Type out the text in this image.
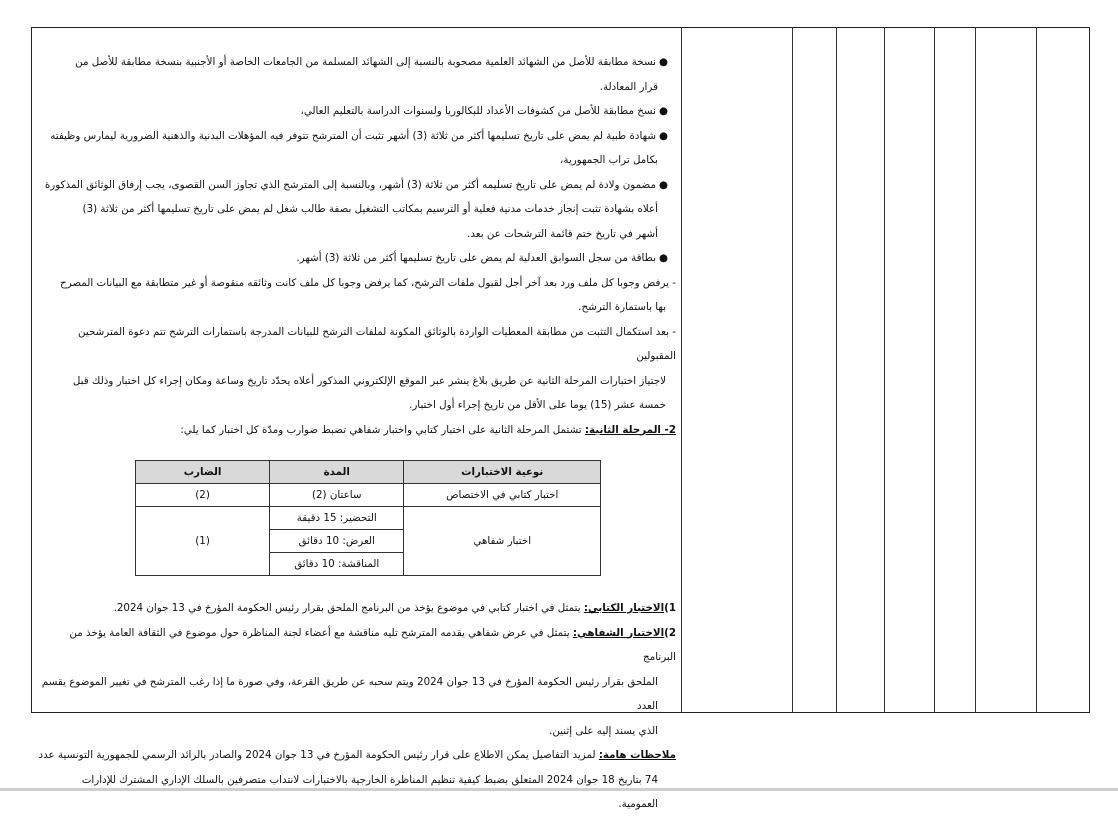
●نسخة مطابقة للأصل من الشهائد العلمية مصحوبة بالنسبة إلى الشهائد المسلمة من الجامعات الخاصة أو الأجنبية بنسخة مطابقة للأصل من

قرار المعادلة.

●نسخ مطابقة للأصل من كشوفات الأعداد للبكالوريا ولسنوات الدراسة بالتعليم العالي،

●شهادة طبية لم يمض على تاريخ تسليمها أكثر من ثلاثة (3) أشهر تثبت أن المترشح تتوفر فيه المؤهلات البدنية والذهنية الضرورية ليمارس وظيفته

بكامل تراب الجمهورية،

●مضمون ولادة لم يمض على تاريخ تسليمه أكثر من ثلاثة (3) أشهر، وبالنسبة إلى المترشح الذي تجاوز السن القصوى، يجب إرفاق الوثائق المذكورة

أعلاه بشهادة تثبت إنجاز خدمات مدنية فعلية أو الترسيم بمكاتب التشغيل بصفة طالب شغل لم يمض على تاريخ تسليمها أكثر من ثلاثة (3)

أشهر في تاريخ ختم قائمة الترشحات عن بعد.

●بطاقة من سجل السوابق العدلية لم يمض على تاريخ تسليمها أكثر من ثلاثة (3) أشهر.

- يرفض وجوبا كل ملف ورد بعد آخر أجل لقبول ملفات الترشح، كما يرفض وجوبا كل ملف كانت وثائقه منقوصة أو غير متطابقة مع البيانات المصرح

بها باستمارة الترشح.

- بعد استكمال التثبت من مطابقة المعطيات الواردة بالوثائق المكونة لملفات الترشح للبيانات المدرجة باستمارات الترشح تتم دعوة المترشحين المقبولين

لاجتياز اختبارات المرحلة الثانية عن طريق بلاغ ينشر عبر الموقع الإلكتروني المذكور أعلاه يحدّد تاريخ وساعة ومكان إجراء كل اختبار وذلك قبل

خمسة عشر (15) يوما على الأقل من تاريخ إجراء أول اختبار.

2- المرحلة الثانية: تشتمل المرحلة الثانية على اختبار كتابي واختبار شفاهي تضبط ضوارب ومدّة كل اختبار كما يلي:

نوعية الاختبارات	المدة	الضارب
اختبار كتابي في الاختصاص	ساعتان (2)	(2)
اختبار شفاهي	التحضير: 15 دقيقة	(1)
	العرض: 10 دقائق	
	المناقشة: 10 دقائق	

1)الاختبار الكتابي: يتمثل في اختبار كتابي في موضوع يؤخذ من البرنامج الملحق بقرار رئيس الحكومة المؤرخ في 13 جوان 2024.

2)الاختبار الشفاهي: يتمثل في عرض شفاهي يقدمه المترشح تليه مناقشة مع أعضاء لجنة المناظرة حول موضوع في الثقافة العامة يؤخذ من البرنامج

الملحق بقرار رئيس الحكومة المؤرخ في 13 جوان 2024 ويتم سحبه عن طريق القرعة، وفي صورة ما إذا رغب المترشح في تغيير الموضوع يقسم العدد

الذي يسند إليه على إثنين.

ملاحظات هامة: لمزيد التفاصيل يمكن الاطلاع على قرار رئيس الحكومة المؤرخ في 13 جوان 2024 والصادر بالرائد الرسمي للجمهورية التونسية عدد

74 بتاريخ 18 جوان 2024 المتعلق بضبط كيفية تنظيم المناظرة الخارجية بالاختبارات لانتداب متصرفين بالسلك الإداري المشترك للإدارات

العمومية.
